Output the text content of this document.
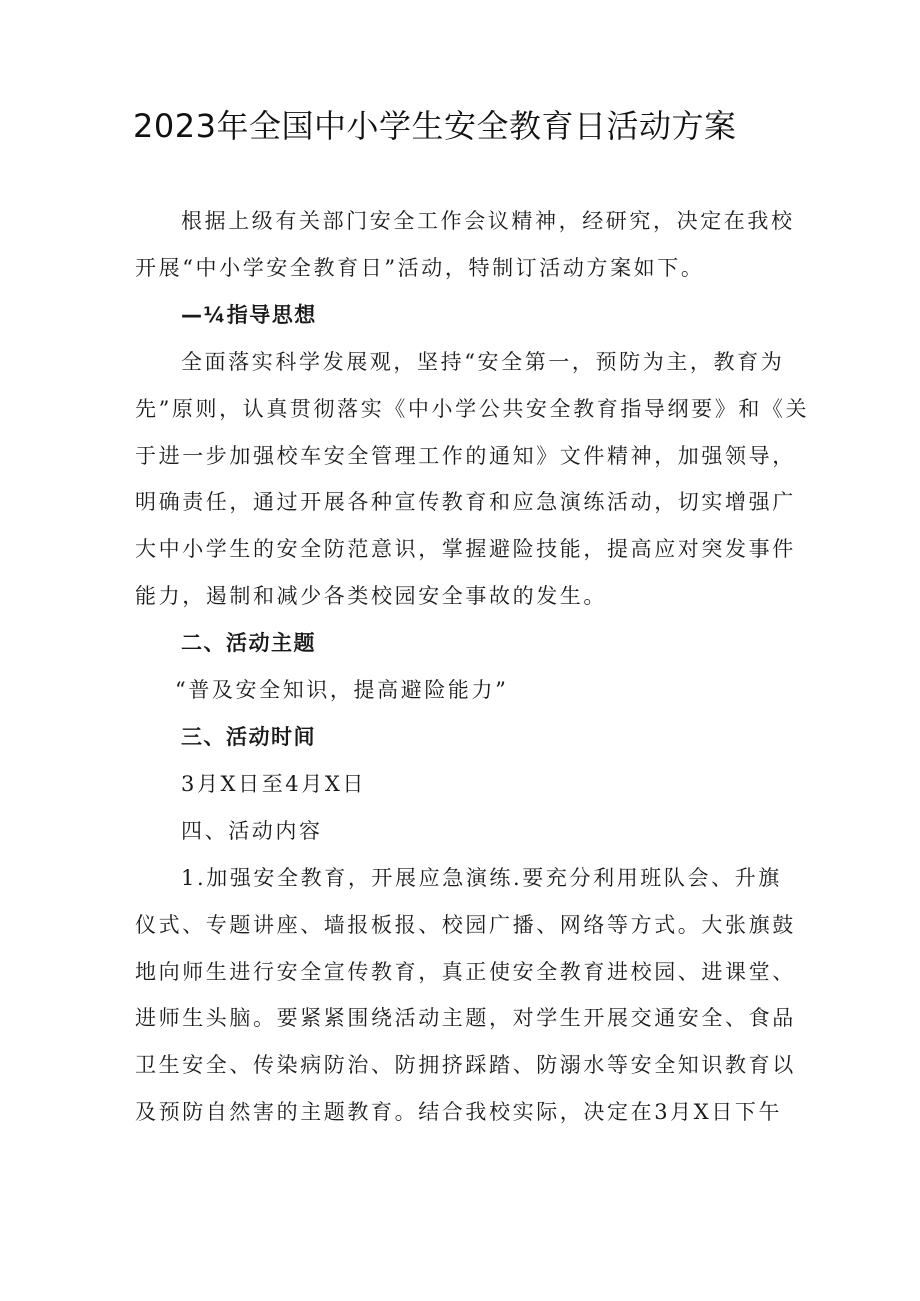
2023年全国中小学生安全教育日活动方案
根据上级有关部门安全工作会议精神，经研究，决定在我校
开展“中小学安全教育日”活动，特制订活动方案如下。
—¼指导思想
全面落实科学发展观，坚持“安全第一，预防为主，教育为
先”原则，认真贯彻落实《中小学公共安全教育指导纲要》和《关
于进一步加强校车安全管理工作的通知》文件精神，加强领导，
明确责任，通过开展各种宣传教育和应急演练活动，切实增强广
大中小学生的安全防范意识，掌握避险技能，提高应对突发事件
能力，遏制和减少各类校园安全事故的发生。
二、活动主题
“普及安全知识，提高避险能力”
三、活动时间
3月X日至4月X日
四、活动内容
1.加强安全教育，开展应急演练.要充分利用班队会、升旗
仪式、专题讲座、墙报板报、校园广播、网络等方式。大张旗鼓
地向师生进行安全宣传教育，真正使安全教育进校园、进课堂、
进师生头脑。要紧紧围绕活动主题，对学生开展交通安全、食品
卫生安全、传染病防治、防拥挤踩踏、防溺水等安全知识教育以
及预防自然害的主题教育。结合我校实际，决定在3月X日下午
